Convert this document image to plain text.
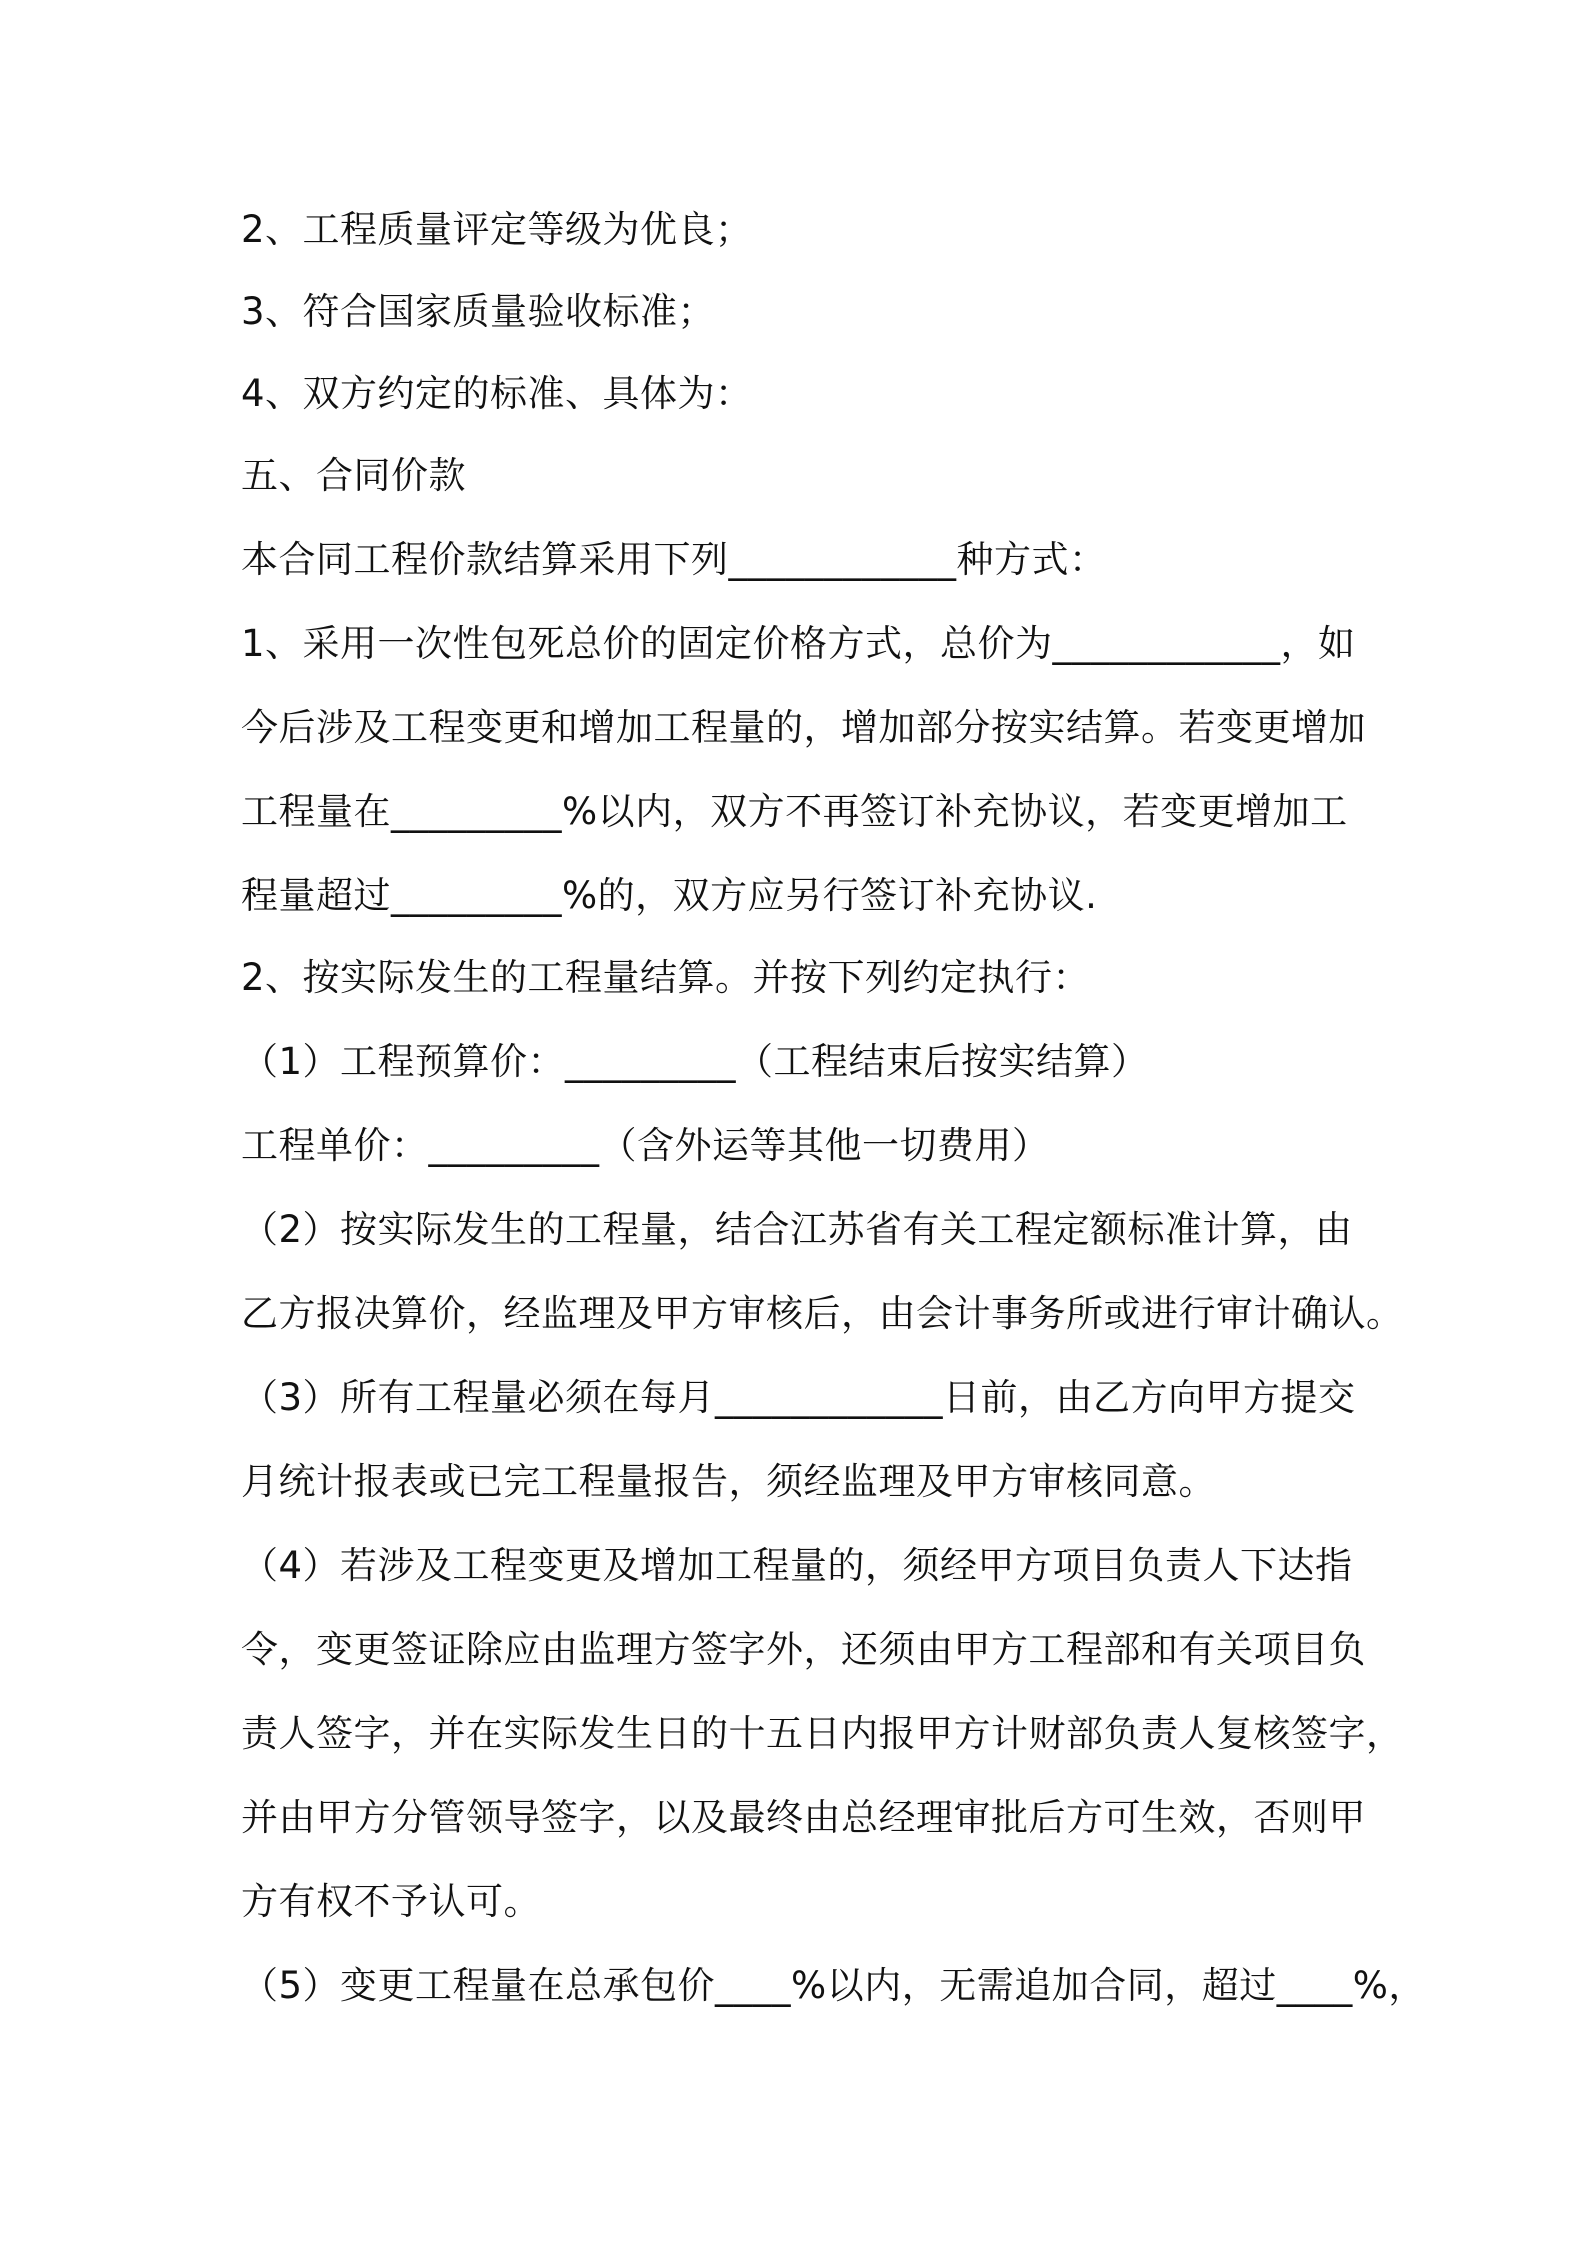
2、工程质量评定等级为优良；
3、符合国家质量验收标准；
4、双方约定的标准、具体为：
五、合同价款
本合同工程价款结算采用下列____________种方式：
1、采用一次性包死总价的固定价格方式，总价为____________，如
今后涉及工程变更和增加工程量的，增加部分按实结算。若变更增加
工程量在_________%以内，双方不再签订补充协议，若变更增加工
程量超过_________%的，双方应另行签订补充协议.
2、按实际发生的工程量结算。并按下列约定执行：
（1）工程预算价：_________（工程结束后按实结算）
工程单价：_________（含外运等其他一切费用）
（2）按实际发生的工程量，结合江苏省有关工程定额标准计算，由
乙方报决算价，经监理及甲方审核后，由会计事务所或进行审计确认。
（3）所有工程量必须在每月____________日前，由乙方向甲方提交
月统计报表或已完工程量报告，须经监理及甲方审核同意。
（4）若涉及工程变更及增加工程量的，须经甲方项目负责人下达指
令，变更签证除应由监理方签字外，还须由甲方工程部和有关项目负
责人签字，并在实际发生日的十五日内报甲方计财部负责人复核签字，
并由甲方分管领导签字，以及最终由总经理审批后方可生效，否则甲
方有权不予认可。
（5）变更工程量在总承包价____%以内，无需追加合同，超过____%，
